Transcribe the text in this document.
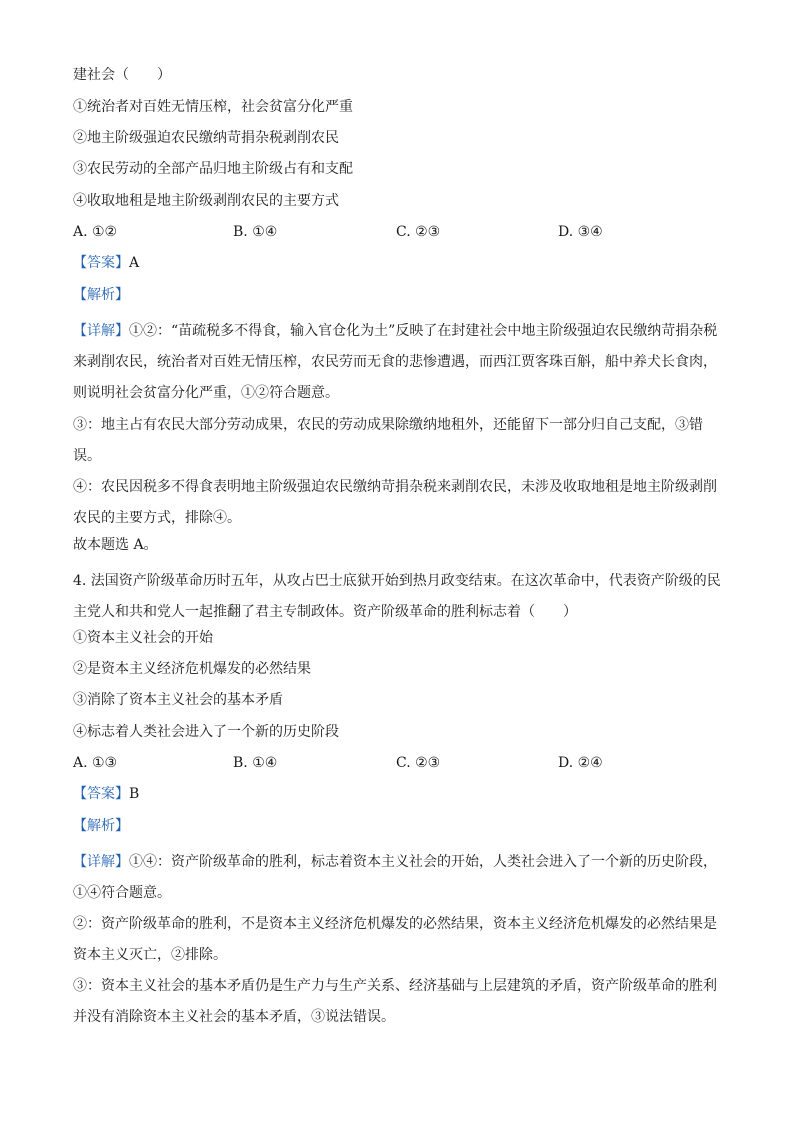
建社会（　　）
①统治者对百姓无情压榨，社会贫富分化严重
②地主阶级强迫农民缴纳苛捐杂税剥削农民
③农民劳动的全部产品归地主阶级占有和支配
④收取地租是地主阶级剥削农民的主要方式
A. ①②	B. ①④	C. ②③	D. ③④
【答案】A
【解析】
【详解】①②：“苗疏税多不得食，输入官仓化为土”反映了在封建社会中地主阶级强迫农民缴纳苛捐杂税来剥削农民，统治者对百姓无情压榨，农民劳而无食的悲惨遭遇，而西江贾客珠百斛，船中养犬长食肉，则说明社会贫富分化严重，①②符合题意。
③：地主占有农民大部分劳动成果，农民的劳动成果除缴纳地租外，还能留下一部分归自己支配，③错误。
④：农民因税多不得食表明地主阶级强迫农民缴纳苛捐杂税来剥削农民，未涉及收取地租是地主阶级剥削农民的主要方式，排除④。
故本题选 A。
4. 法国资产阶级革命历时五年，从攻占巴士底狱开始到热月政变结束。在这次革命中，代表资产阶级的民主党人和共和党人一起推翻了君主专制政体。资产阶级革命的胜利标志着（　　）
①资本主义社会的开始
②是资本主义经济危机爆发的必然结果
③消除了资本主义社会的基本矛盾
④标志着人类社会进入了一个新的历史阶段
A. ①③	B. ①④	C. ②③	D. ②④
【答案】B
【解析】
【详解】①④：资产阶级革命的胜利，标志着资本主义社会的开始，人类社会进入了一个新的历史阶段，①④符合题意。
②：资产阶级革命的胜利，不是资本主义经济危机爆发的必然结果，资本主义经济危机爆发的必然结果是资本主义灭亡，②排除。
③：资本主义社会的基本矛盾仍是生产力与生产关系、经济基础与上层建筑的矛盾，资产阶级革命的胜利并没有消除资本主义社会的基本矛盾，③说法错误。
